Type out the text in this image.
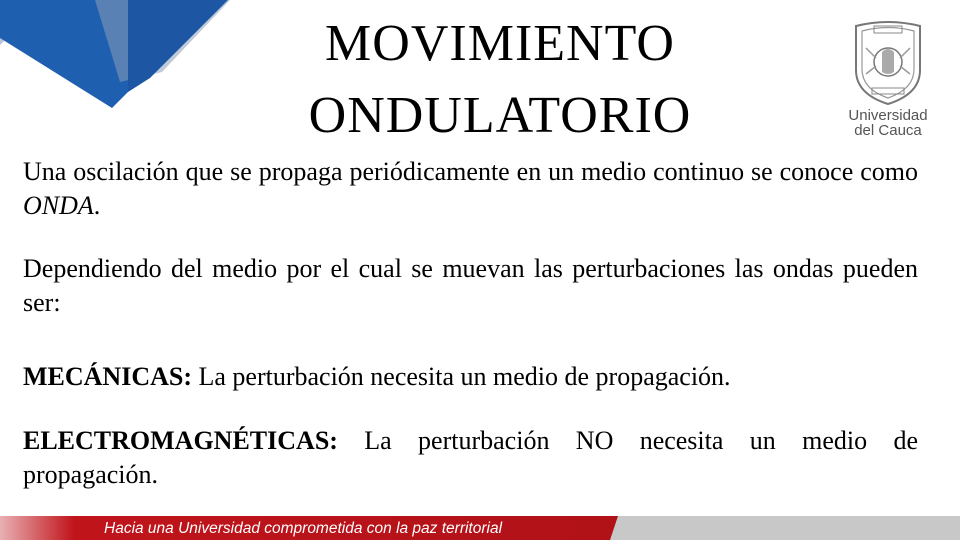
MOVIMIENTO
ONDULATORIO	Universidad
del Cauca
Una oscilación que se propaga periódicamente en un medio continuo se conoce como ONDA.
Dependiendo del medio por el cual se muevan las perturbaciones las ondas pueden ser:
MECÁNICAS: La perturbación necesita un medio de propagación.
ELECTROMAGNÉTICAS: La perturbación NO necesita un medio de propagación.
Hacia una Universidad comprometida con la paz territorial
